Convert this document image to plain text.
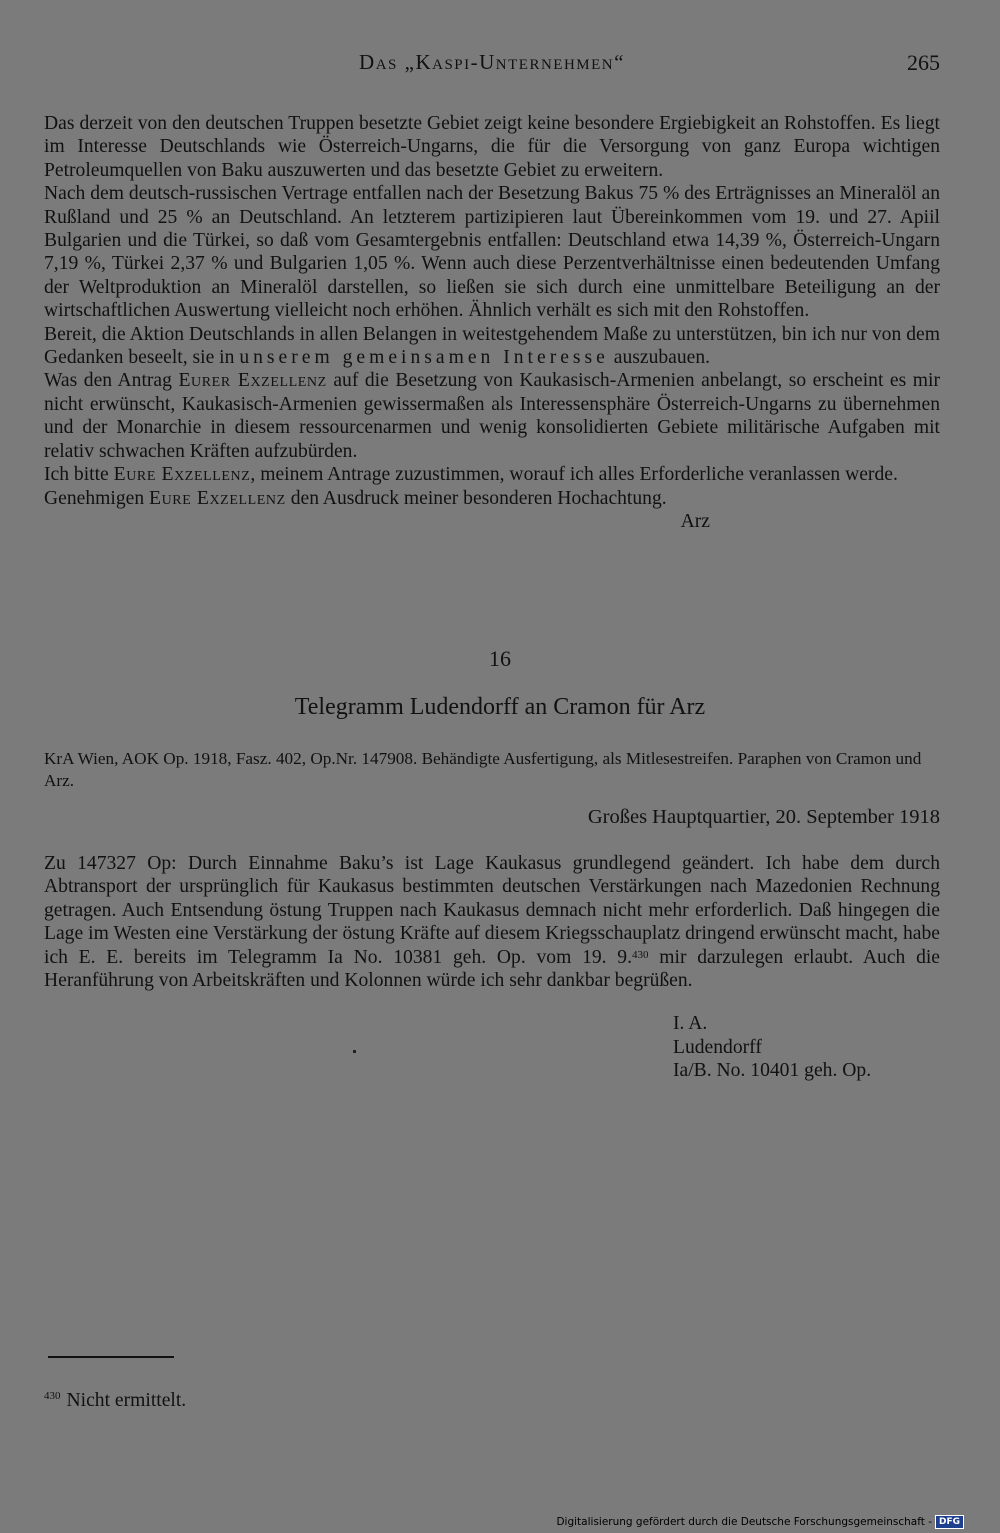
Das „Kaspi-Unternehmen“	265

Das derzeit von den deutschen Truppen besetzte Gebiet zeigt keine besondere Ergiebigkeit an Rohstoffen. Es liegt im Interesse Deutschlands wie Österreich-Ungarns, die für die Versorgung von ganz Europa wichtigen Petroleumquellen von Baku auszuwerten und das besetzte Gebiet zu erweitern.

Nach dem deutsch-russischen Vertrage entfallen nach der Besetzung Bakus 75 % des Erträgnisses an Mineralöl an Rußland und 25 % an Deutschland. An letzterem partizipieren laut Übereinkommen vom 19. und 27. Apiil Bulgarien und die Türkei, so daß vom Gesamtergebnis entfallen: Deutschland etwa 14,39 %, Österreich-Ungarn 7,19 %, Türkei 2,37 % und Bulgarien 1,05 %. Wenn auch diese Perzentverhältnisse einen bedeutenden Umfang der Weltproduktion an Mineralöl darstellen, so ließen sie sich durch eine unmittelbare Beteiligung an der wirtschaftlichen Auswertung vielleicht noch erhöhen. Ähnlich verhält es sich mit den Rohstoffen.

Bereit, die Aktion Deutschlands in allen Belangen in weitestgehendem Maße zu unterstützen, bin ich nur von dem Gedanken beseelt, sie in unserem gemeinsamen Interesse auszubauen.

Was den Antrag Eurer Exzellenz auf die Besetzung von Kaukasisch-Armenien anbelangt, so erscheint es mir nicht erwünscht, Kaukasisch-Armenien gewissermaßen als Interessensphäre Österreich-Ungarns zu übernehmen und der Monarchie in diesem ressourcenarmen und wenig konsolidierten Gebiete militärische Aufgaben mit relativ schwachen Kräften aufzubürden.

Ich bitte Eure Exzellenz, meinem Antrage zuzustimmen, worauf ich alles Erforderliche veranlassen werde.

Genehmigen Eure Exzellenz den Ausdruck meiner besonderen Hochachtung.

Arz

16
Telegramm Ludendorff an Cramon für Arz
KrA Wien, AOK Op. 1918, Fasz. 402, Op.Nr. 147908. Behändigte Ausfertigung, als Mitlesestreifen. Paraphen von Cramon und Arz.
Großes Hauptquartier, 20. September 1918

Zu 147327 Op: Durch Einnahme Baku’s ist Lage Kaukasus grundlegend geändert. Ich habe dem durch Abtransport der ursprünglich für Kaukasus bestimmten deutschen Verstärkungen nach Mazedonien Rechnung getragen. Auch Entsendung östung Truppen nach Kaukasus demnach nicht mehr erforderlich. Daß hingegen die Lage im Westen eine Verstärkung der östung Kräfte auf diesem Kriegsschauplatz dringend erwünscht macht, habe ich E. E. bereits im Telegramm Ia No. 10381 geh. Op. vom 19. 9.$^{430}$ mir darzulegen erlaubt. Auch die Heranführung von Arbeitskräften und Kolonnen würde ich sehr dankbar begrüßen.

I. A.
Ludendorff
Ia/B. No. 10401 geh. Op.
$^{430}$ Nicht ermittelt.
Digitalisierung gefördert durch die Deutsche Forschungsgemeinschaft - DFG
